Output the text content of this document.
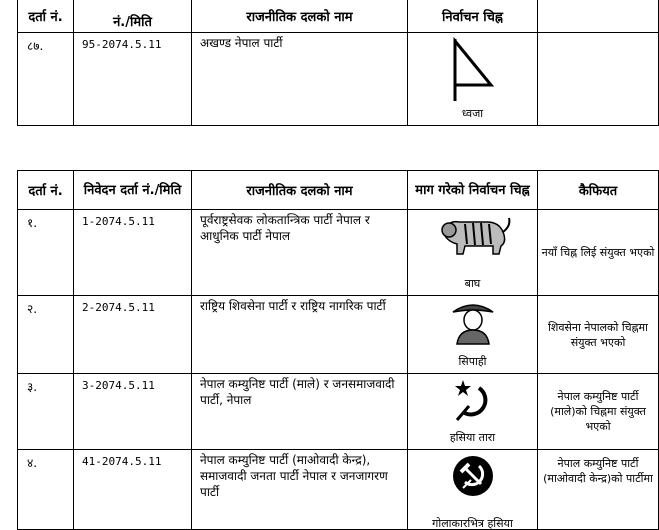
दर्ता नं.	नं./मिति	राजनीतिक दलको नाम	निर्वाचन चिह्न	
८७.	95-2074.5.11	अखण्ड नेपाल पार्टी	ध्वजा	

दर्ता नं.	निवेदन दर्ता नं./मिति	राजनीतिक दलको नाम	माग गरेको निर्वाचन चिह्न	कैफियत
१.	1-2074.5.11	पूर्वराष्ट्रसेवक लोकतान्त्रिक पार्टी नेपाल र आधुनिक पार्टी नेपाल	बाघ	नयाँ चिह्न लिई संयुक्त भएको
२.	2-2074.5.11	राष्ट्रिय शिवसेना पार्टी र राष्ट्रिय नागरिक पार्टी	सिपाही	शिवसेना नेपालको चिह्नमा संयुक्त भएको
३.	3-2074.5.11	नेपाल कम्युनिष्ट पार्टी (माले) र जनसमाजवादी पार्टी, नेपाल	हसिया तारा	नेपाल कम्युनिष्ट पार्टी (माले)को चिह्नमा संयुक्त भएको
४.	41-2074.5.11	नेपाल कम्युनिष्ट पार्टी (माओवादी केन्द्र), समाजवादी जनता पार्टी नेपाल र जनजागरण पार्टी	गोलाकारभित्र हसिया	नेपाल कम्युनिष्ट पार्टी (माओवादी केन्द्र)को पार्टीमा
